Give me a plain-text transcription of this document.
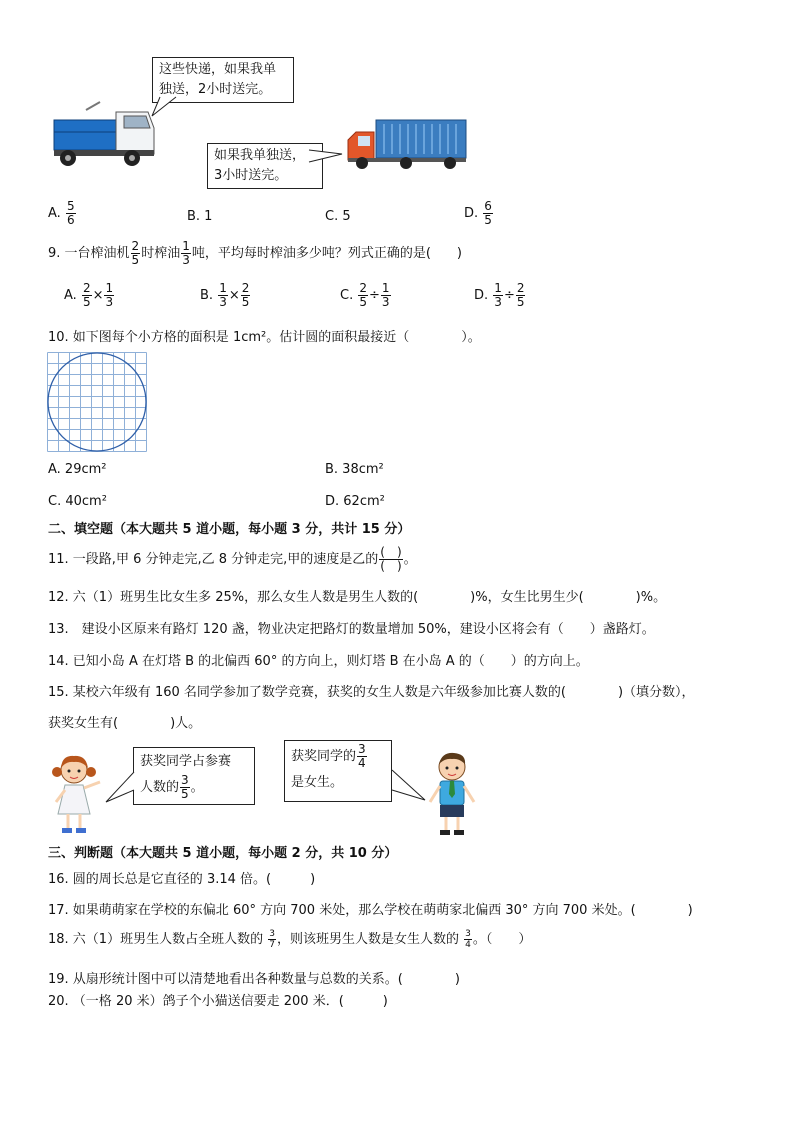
这些快递，如果我单
独送，2小时送完。
如果我单独送，
3小时送完。
A. $\frac{5}{6}$	B. 1	C. 5	D. $\frac{6}{5}$
9. 一台榨油机 $\frac{2}{5}$ 时榨油 $\frac{1}{3}$ 吨，平均每时榨油多少吨？列式正确的是(　　)
A. $\frac{2}{5} \times \frac{1}{3}$	B. $\frac{1}{3} \times \frac{2}{5}$	C. $\frac{2}{5} \div \frac{1}{3}$	D. $\frac{1}{3} \div \frac{2}{5}$
10. 如下图每个小方格的面积是 1cm²。估计圆的面积最接近（　　　　）。
A. 29cm²	B. 38cm²
C. 40cm²	D. 62cm²
二、填空题（本大题共 5 道小题，每小题 3 分，共计 15 分）
11. 一段路,甲 6 分钟走完,乙 8 分钟走完,甲的速度是乙的 $\frac{( )}{( )}$ 。
12. 六（1）班男生比女生多 25%，那么女生人数是男生人数的(　　　　)%，女生比男生少(　　　　)%。
13.　建设小区原来有路灯 120 盏，物业决定把路灯的数量增加 50%，建设小区将会有（　　）盏路灯。
14. 已知小岛 A 在灯塔 B 的北偏西 60° 的方向上，则灯塔 B 在小岛 A 的（　　）的方向上。
15. 某校六年级有 160 名同学参加了数学竞赛，获奖的女生人数是六年级参加比赛人数的(　　　　)（填分数），
获奖女生有(　　　　)人。
获奖同学占参赛
人数的 $\frac{3}{5}$ 。
获奖同学的 $\frac{3}{4}$
是女生。
三、判断题（本大题共 5 道小题，每小题 2 分，共 10 分）
16. 圆的周长总是它直径的 3.14 倍。(　　　)
17. 如果萌萌家在学校的东偏北 60° 方向 700 米处，那么学校在萌萌家北偏西 30° 方向 700 米处。(　　　　)
18. 六（1）班男生人数占全班人数的 $\frac{3}{7}$ ，则该班男生人数是女生人数的 $\frac{3}{4}$ 。（　　）
19. 从扇形统计图中可以清楚地看出各种数量与总数的关系。(　　　　)
20. （一格 20 米）鸽子个小猫送信要走 200 米．(　　　)
